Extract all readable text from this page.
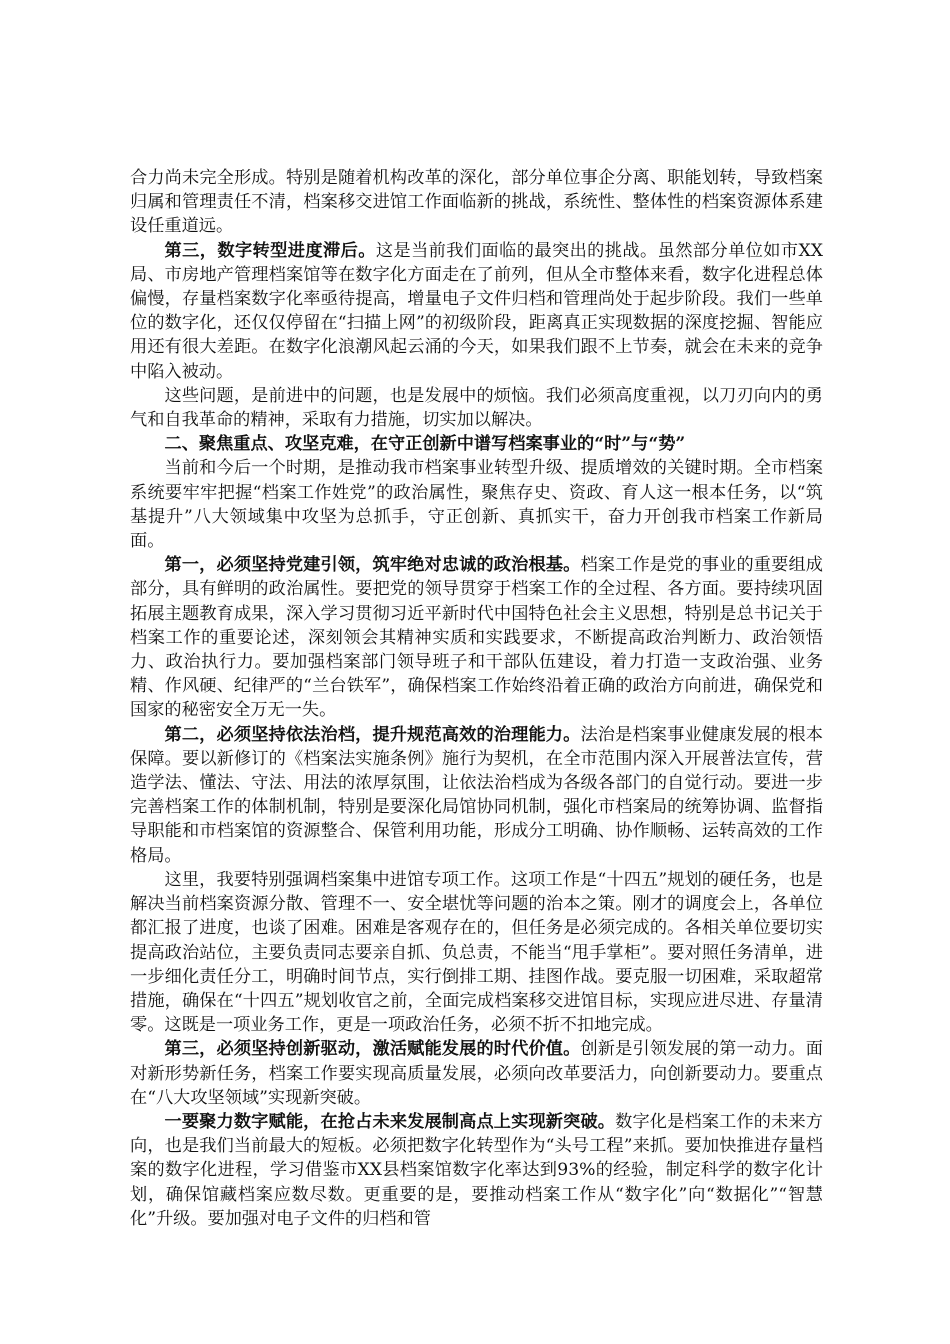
合力尚未完全形成。特别是随着机构改革的深化，部分单位事企分离、职能划转，导致档案归属和管理责任不清，档案移交进馆工作面临新的挑战，系统性、整体性的档案资源体系建设任重道远。

第三，数字转型进度滞后。这是当前我们面临的最突出的挑战。虽然部分单位如市XX局、市房地产管理档案馆等在数字化方面走在了前列，但从全市整体来看，数字化进程总体偏慢，存量档案数字化率亟待提高，增量电子文件归档和管理尚处于起步阶段。我们一些单位的数字化，还仅仅停留在“扫描上网”的初级阶段，距离真正实现数据的深度挖掘、智能应用还有很大差距。在数字化浪潮风起云涌的今天，如果我们跟不上节奏，就会在未来的竞争中陷入被动。

这些问题，是前进中的问题，也是发展中的烦恼。我们必须高度重视，以刀刃向内的勇气和自我革命的精神，采取有力措施，切实加以解决。

二、聚焦重点、攻坚克难，在守正创新中谱写档案事业的“时”与“势”

当前和今后一个时期，是推动我市档案事业转型升级、提质增效的关键时期。全市档案系统要牢牢把握“档案工作姓党”的政治属性，聚焦存史、资政、育人这一根本任务，以“筑基提升”八大领域集中攻坚为总抓手，守正创新、真抓实干，奋力开创我市档案工作新局面。

第一，必须坚持党建引领，筑牢绝对忠诚的政治根基。档案工作是党的事业的重要组成部分，具有鲜明的政治属性。要把党的领导贯穿于档案工作的全过程、各方面。要持续巩固拓展主题教育成果，深入学习贯彻习近平新时代中国特色社会主义思想，特别是总书记关于档案工作的重要论述，深刻领会其精神实质和实践要求，不断提高政治判断力、政治领悟力、政治执行力。要加强档案部门领导班子和干部队伍建设，着力打造一支政治强、业务精、作风硬、纪律严的“兰台铁军”，确保档案工作始终沿着正确的政治方向前进，确保党和国家的秘密安全万无一失。

第二，必须坚持依法治档，提升规范高效的治理能力。法治是档案事业健康发展的根本保障。要以新修订的《档案法实施条例》施行为契机，在全市范围内深入开展普法宣传，营造学法、懂法、守法、用法的浓厚氛围，让依法治档成为各级各部门的自觉行动。要进一步完善档案工作的体制机制，特别是要深化局馆协同机制，强化市档案局的统筹协调、监督指导职能和市档案馆的资源整合、保管利用功能，形成分工明确、协作顺畅、运转高效的工作格局。

这里，我要特别强调档案集中进馆专项工作。这项工作是“十四五”规划的硬任务，也是解决当前档案资源分散、管理不一、安全堪忧等问题的治本之策。刚才的调度会上，各单位都汇报了进度，也谈了困难。困难是客观存在的，但任务是必须完成的。各相关单位要切实提高政治站位，主要负责同志要亲自抓、负总责，不能当“甩手掌柜”。要对照任务清单，进一步细化责任分工，明确时间节点，实行倒排工期、挂图作战。要克服一切困难，采取超常措施，确保在“十四五”规划收官之前，全面完成档案移交进馆目标，实现应进尽进、存量清零。这既是一项业务工作，更是一项政治任务，必须不折不扣地完成。

第三，必须坚持创新驱动，激活赋能发展的时代价值。创新是引领发展的第一动力。面对新形势新任务，档案工作要实现高质量发展，必须向改革要活力，向创新要动力。要重点在“八大攻坚领域”实现新突破。

一要聚力数字赋能，在抢占未来发展制高点上实现新突破。数字化是档案工作的未来方向，也是我们当前最大的短板。必须把数字化转型作为“头号工程”来抓。要加快推进存量档案的数字化进程，学习借鉴市XX县档案馆数字化率达到93%的经验，制定科学的数字化计划，确保馆藏档案应数尽数。更重要的是，要推动档案工作从“数字化”向“数据化”“智慧化”升级。要加强对电子文件的归档和管
